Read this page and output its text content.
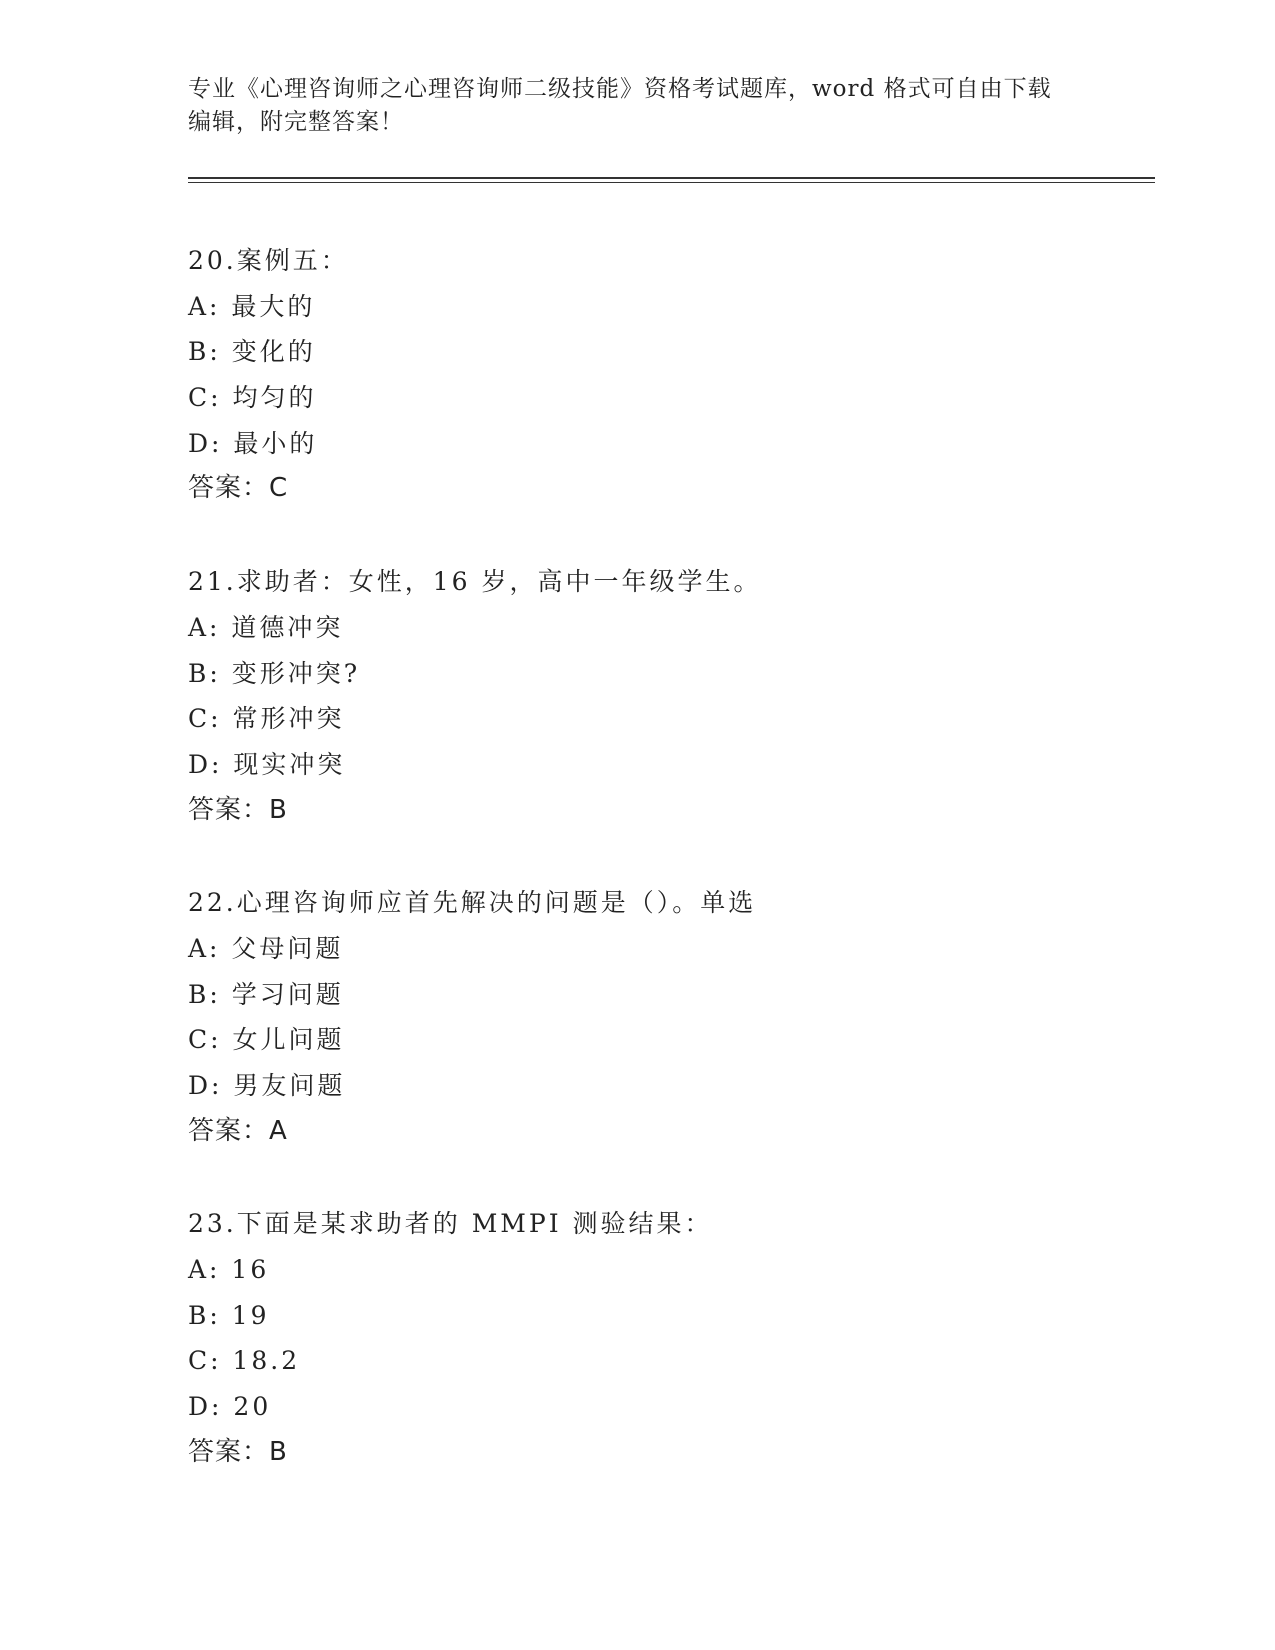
专业《心理咨询师之心理咨询师二级技能》资格考试题库，word 格式可自由下载
编辑，附完整答案！
20.案例五：
A: 最大的
B: 变化的
C: 均匀的
D: 最小的
答案：C
21.求助者：女性，16 岁，高中一年级学生。
A: 道德冲突
B: 变形冲突?
C: 常形冲突
D: 现实冲突
答案：B
22.心理咨询师应首先解决的问题是（）。单选
A: 父母问题
B: 学习问题
C: 女儿问题
D: 男友问题
答案：A
23.下面是某求助者的 MMPI 测验结果：
A: 16
B: 19
C: 18.2
D: 20
答案：B
